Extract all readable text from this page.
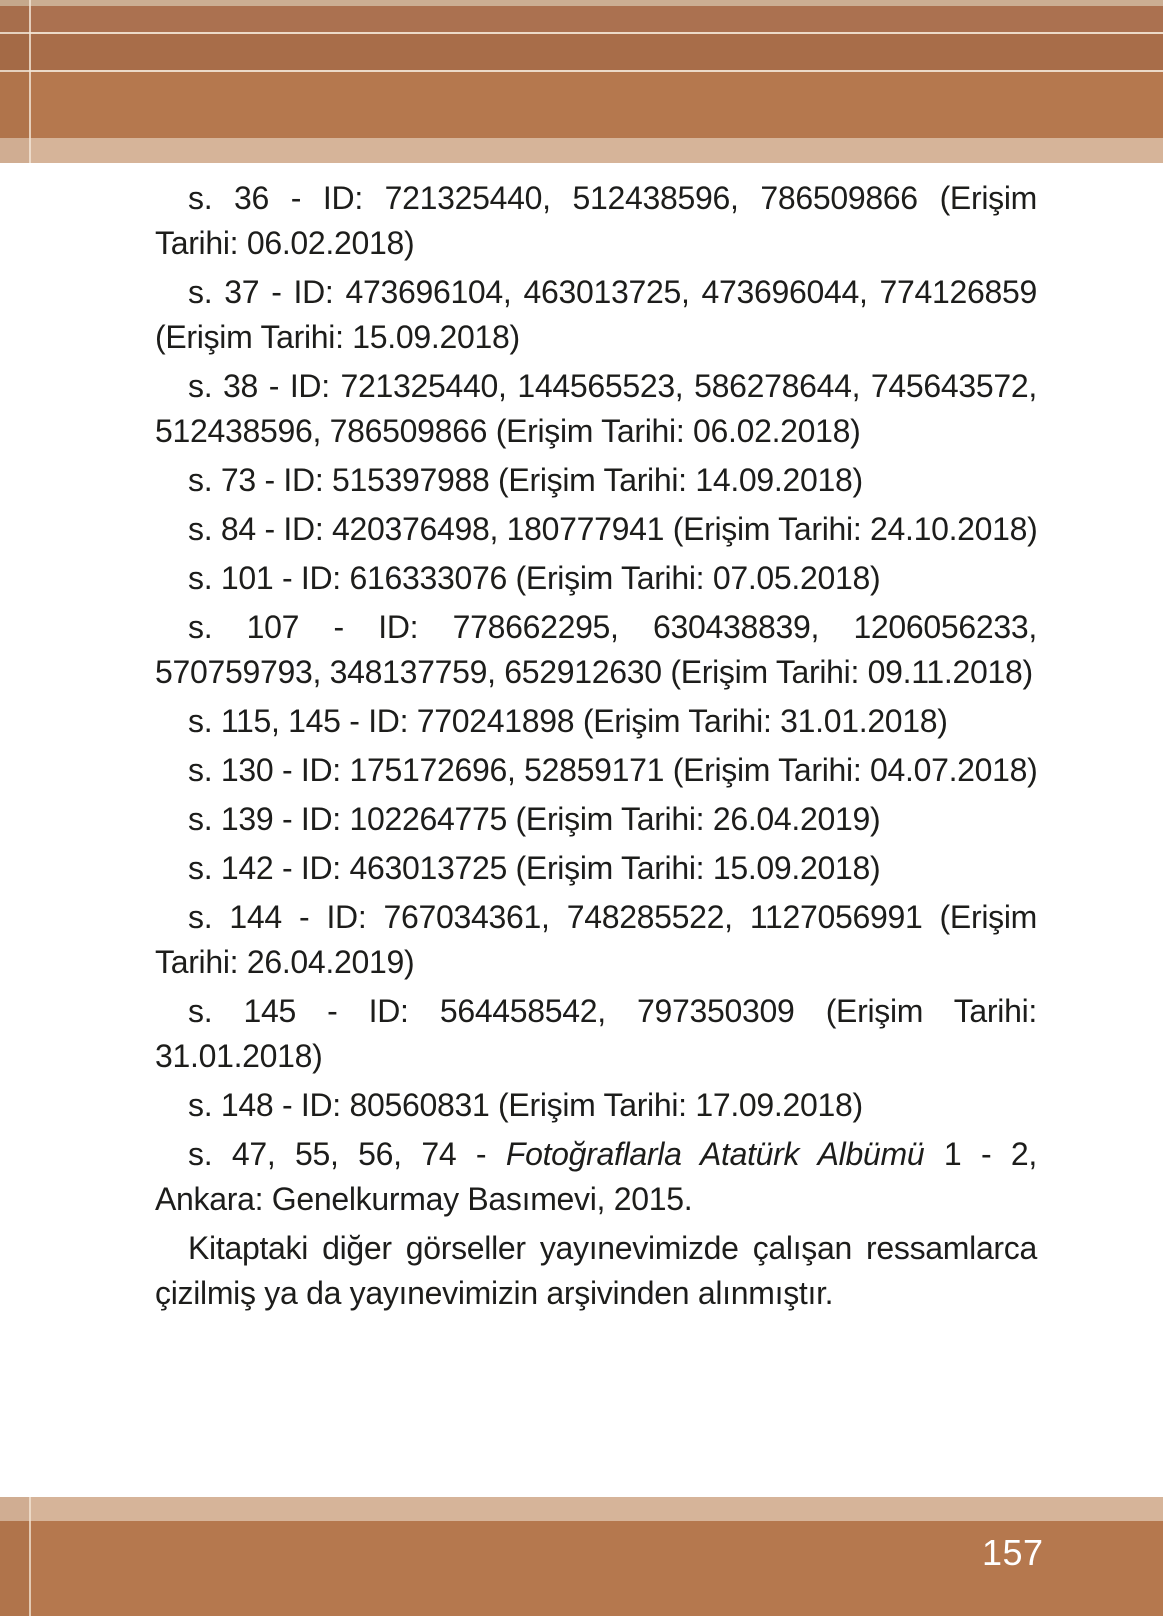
s. 36 - ID: 721325440, 512438596, 786509866 (Erişim
Tarihi: 06.02.2018)

s. 37 - ID: 473696104, 463013725, 473696044, 774126859
(Erişim Tarihi: 15.09.2018)

s. 38 - ID: 721325440, 144565523, 586278644, 745643572,
512438596, 786509866 (Erişim Tarihi: 06.02.2018)

s. 73 - ID: 515397988 (Erişim Tarihi: 14.09.2018)

s. 84 - ID: 420376498, 180777941 (Erişim Tarihi: 24.10.2018)

s. 101 - ID: 616333076 (Erişim Tarihi: 07.05.2018)

s. 107 - ID: 778662295, 630438839, 1206056233,
570759793, 348137759, 652912630 (Erişim Tarihi: 09.11.2018)

s. 115, 145 - ID: 770241898 (Erişim Tarihi: 31.01.2018)

s. 130 - ID: 175172696, 52859171 (Erişim Tarihi: 04.07.2018)

s. 139 - ID: 102264775 (Erişim Tarihi: 26.04.2019)

s. 142 - ID: 463013725 (Erişim Tarihi: 15.09.2018)

s. 144 - ID: 767034361, 748285522, 1127056991 (Erişim
Tarihi: 26.04.2019)

s. 145 - ID: 564458542, 797350309 (Erişim Tarihi:
31.01.2018)

s. 148 - ID: 80560831 (Erişim Tarihi: 17.09.2018)

s. 47, 55, 56, 74 - Fotoğraflarla Atatürk Albümü 1 - 2,
Ankara: Genelkurmay Basımevi, 2015.

Kitaptaki diğer görseller yayınevimizde çalışan ressamlarca
çizilmiş ya da yayınevimizin arşivinden alınmıştır.

157
